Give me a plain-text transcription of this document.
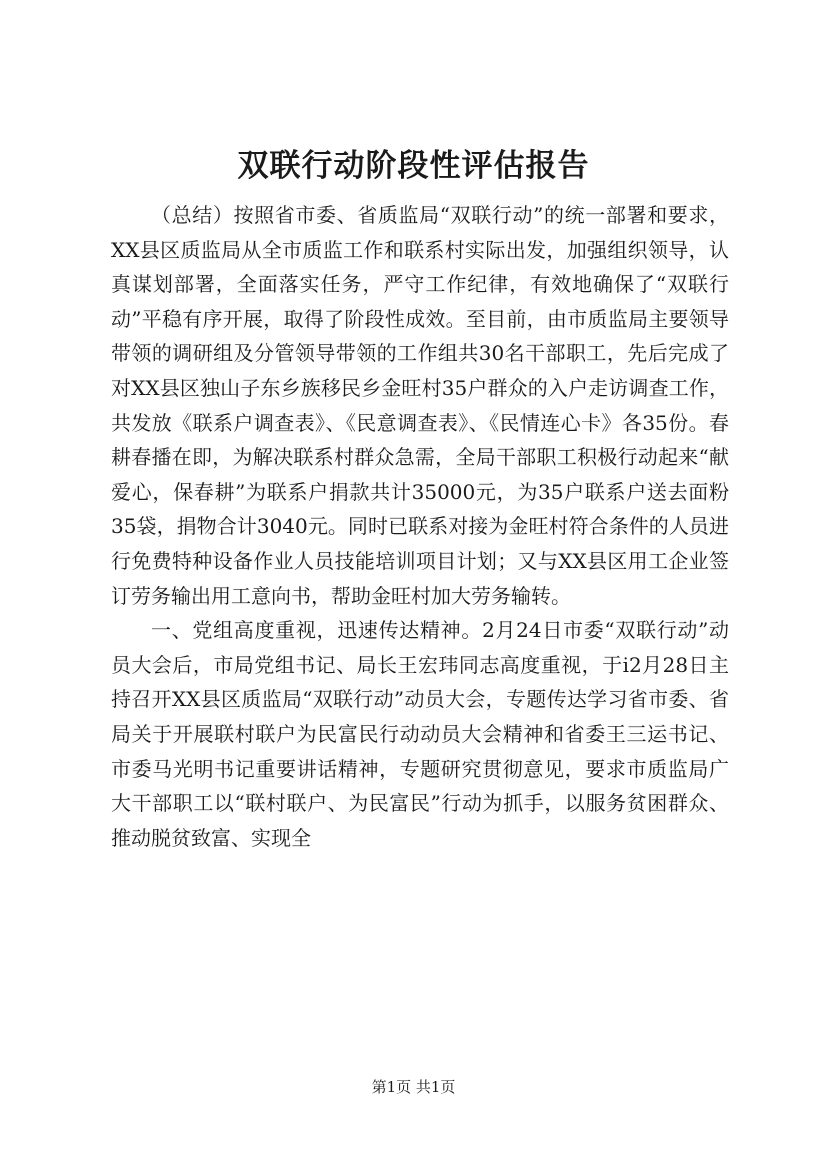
双联行动阶段性评估报告

（总结）按照省市委、省质监局“双联行动”的统一部署和要求，XX县区质监局从全市质监工作和联系村实际出发，加强组织领导，认真谋划部署，全面落实任务，严守工作纪律，有效地确保了“双联行动”平稳有序开展，取得了阶段性成效。至目前，由市质监局主要领导带领的调研组及分管领导带领的工作组共30名干部职工，先后完成了对XX县区独山子东乡族移民乡金旺村35户群众的入户走访调查工作，共发放《联系户调查表》、《民意调查表》、《民情连心卡》各35份。春耕春播在即，为解决联系村群众急需，全局干部职工积极行动起来“献爱心，保春耕”为联系户捐款共计35000元，为35户联系户送去面粉35袋，捐物合计3040元。同时已联系对接为金旺村符合条件的人员进行免费特种设备作业人员技能培训项目计划；又与XX县区用工企业签订劳务输出用工意向书，帮助金旺村加大劳务输转。

一、党组高度重视，迅速传达精神。2月24日市委“双联行动”动员大会后，市局党组书记、局长王宏玮同志高度重视，于i2月28日主持召开XX县区质监局“双联行动”动员大会，专题传达学习省市委、省局关于开展联村联户为民富民行动动员大会精神和省委王三运书记、市委马光明书记重要讲话精神，专题研究贯彻意见，要求市质监局广大干部职工以“联村联户、为民富民”行动为抓手，以服务贫困群众、推动脱贫致富、实现全

第1页 共1页
